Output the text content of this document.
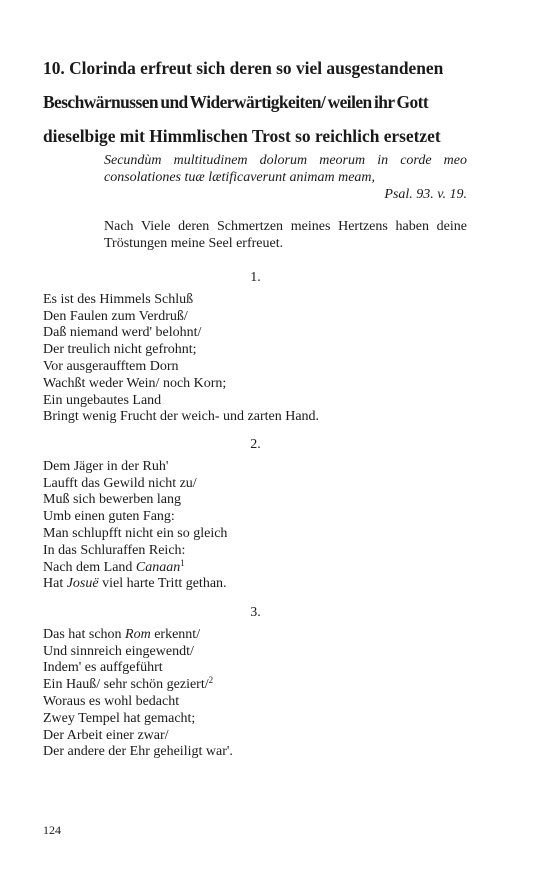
10. Clorinda erfreut sich deren so viel ausgestandenen
Beschwärnussen und Widerwärtigkeiten/ weilen ihr Gott
dieselbige mit Himmlischen Trost so reichlich ersetzet
Secundùm multitudinem dolorum meorum in corde meo consolationes tuæ lætificaverunt animam meam,
Psal. 93. v. 19.
Nach Viele deren Schmertzen meines Hertzens haben deine Tröstungen meine Seel erfreuet.
1.
Es ist des Himmels Schluß
Den Faulen zum Verdruß/
Daß niemand werd' belohnt/
Der treulich nicht gefrohnt;
Vor ausgeraufftem Dorn
Wachßt weder Wein/ noch Korn;
Ein ungebautes Land
Bringt wenig Frucht der weich- und zarten Hand.
2.
Dem Jäger in der Ruh'
Laufft das Gewild nicht zu/
Muß sich bewerben lang
Umb einen guten Fang:
Man schlupfft nicht ein so gleich
In das Schluraffen Reich:
Nach dem Land Canaan$^1$
Hat Josuë viel harte Tritt gethan.
3.
Das hat schon Rom erkennt/
Und sinnreich eingewendt/
Indem' es auffgeführt
Ein Hauß/ sehr schön geziert/$^2$
Woraus es wohl bedacht
Zwey Tempel hat gemacht;
Der Arbeit einer zwar/
Der andere der Ehr geheiligt war'.
124
